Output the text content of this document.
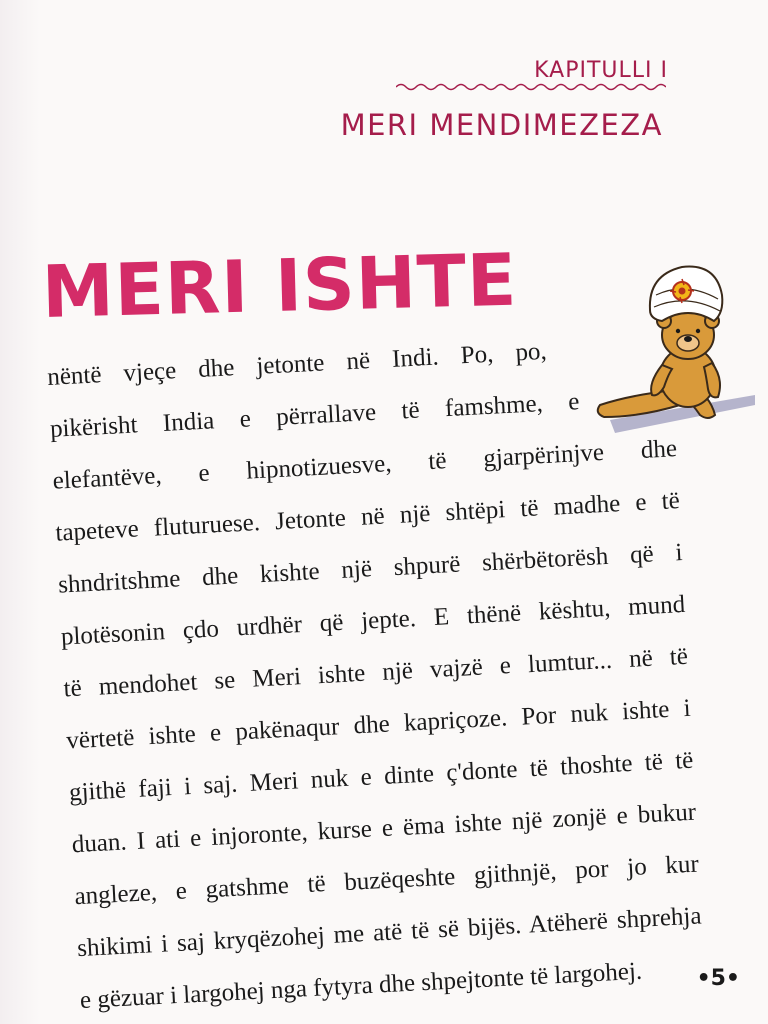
KAPITULLI I
MERI MENDIMEZEZA
MERI ISHTE
nëntë vjeçe dhe jetonte në Indi. Po, po,
pikërisht India e përrallave të famshme, e
elefantëve, e hipnotizuesve, të gjarpërinjve dhe
tapeteve fluturuese. Jetonte në një shtëpi të madhe e të
shndritshme dhe kishte një shpurë shërbëtorësh që i
plotësonin çdo urdhër që jepte. E thënë kështu, mund
të mendohet se Meri ishte një vajzë e lumtur... në të
vërtetë ishte e pakënaqur dhe kapriçoze. Por nuk ishte i
gjithë faji i saj. Meri nuk e dinte ç'donte të thoshte të të
duan. I ati e injoronte, kurse e ëma ishte një zonjë e bukur
angleze, e gatshme të buzëqeshte gjithnjë, por jo kur
shikimi i saj kryqëzohej me atë të së bijës. Atëherë shprehja
e gëzuar i largohej nga fytyra dhe shpejtonte të largohej.	•5•
